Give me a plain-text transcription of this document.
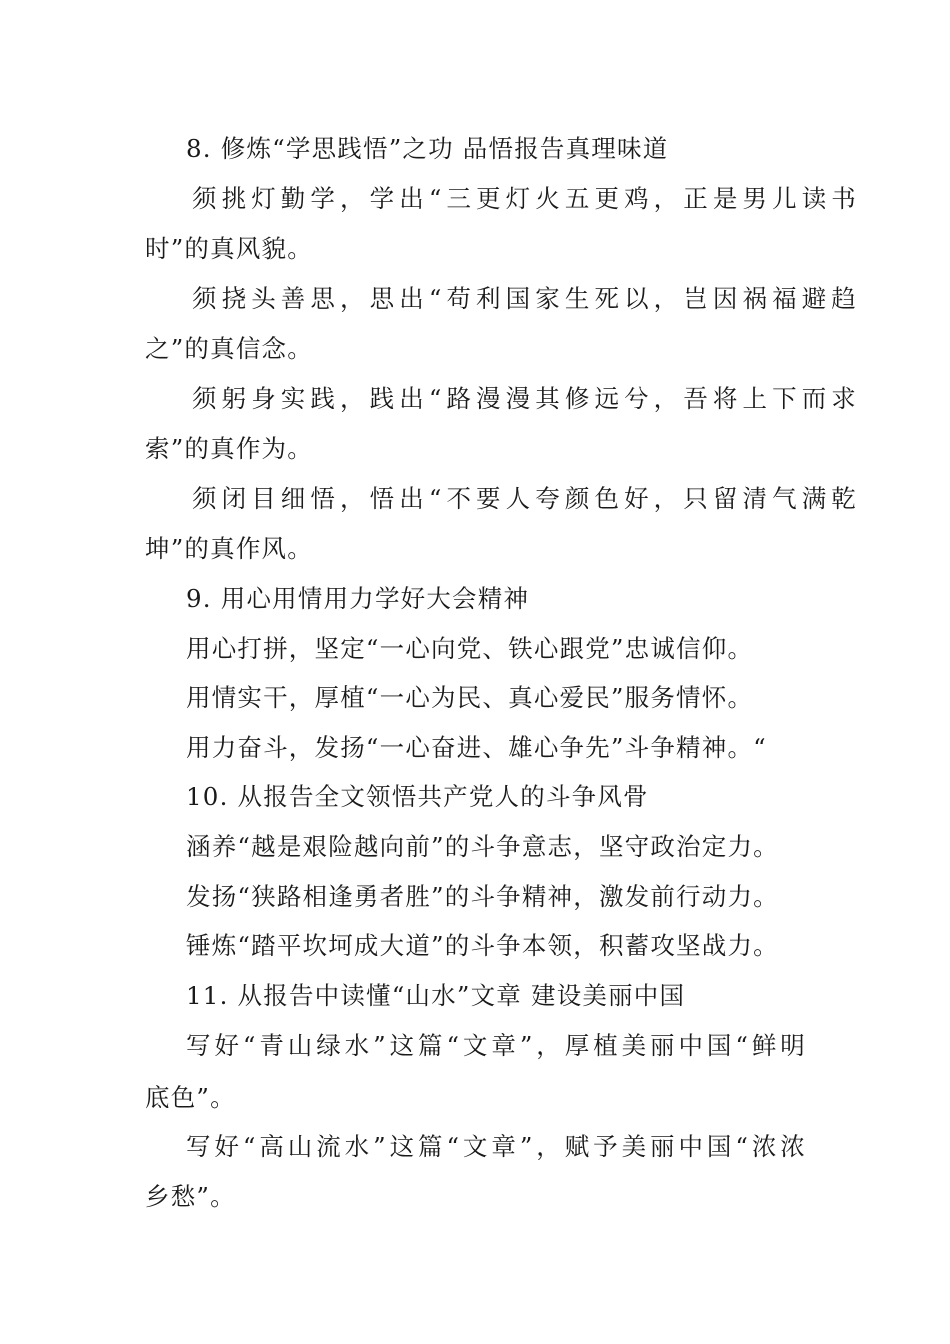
8. 修炼“学思践悟”之功 品悟报告真理味道
须挑灯勤学，学出“三更灯火五更鸡，正是男儿读书
时”的真风貌。
须挠头善思，思出“苟利国家生死以，岂因祸福避趋
之”的真信念。
须躬身实践，践出“路漫漫其修远兮，吾将上下而求
索”的真作为。
须闭目细悟，悟出“不要人夸颜色好，只留清气满乾
坤”的真作风。
9. 用心用情用力学好大会精神
用心打拼，坚定“一心向党、铁心跟党”忠诚信仰。
用情实干，厚植“一心为民、真心爱民”服务情怀。
用力奋斗，发扬“一心奋进、雄心争先”斗争精神。“
10. 从报告全文领悟共产党人的斗争风骨
涵养“越是艰险越向前”的斗争意志，坚守政治定力。
发扬“狭路相逢勇者胜”的斗争精神，激发前行动力。
锤炼“踏平坎坷成大道”的斗争本领，积蓄攻坚战力。
11. 从报告中读懂“山水”文章 建设美丽中国
写好“青山绿水”这篇“文章”，厚植美丽中国“鲜明
底色”。
写好“高山流水”这篇“文章”，赋予美丽中国“浓浓
乡愁”。
